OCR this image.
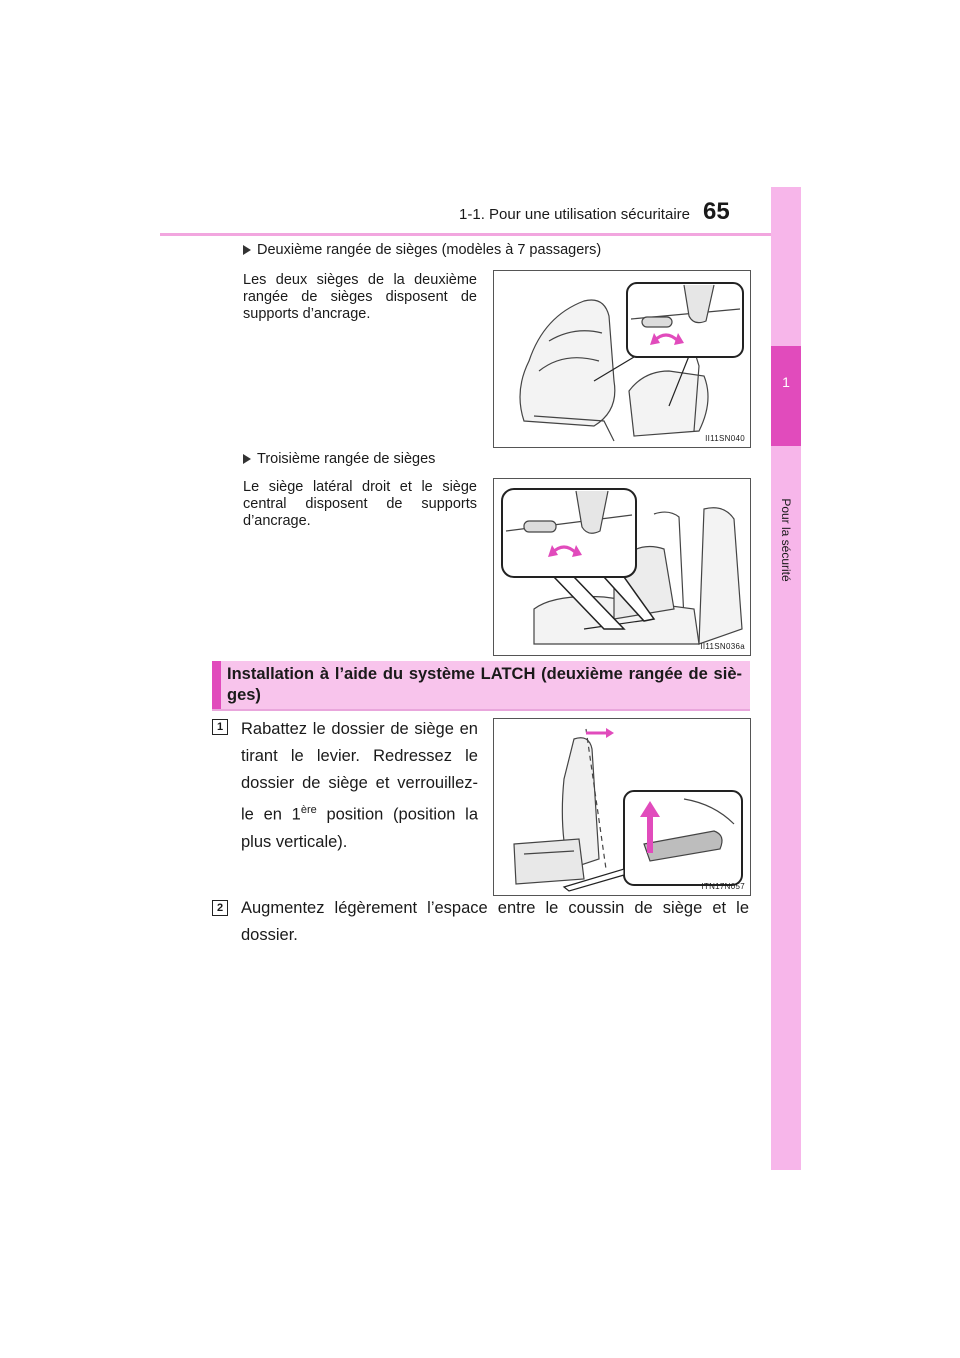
1-1. Pour une utilisation sécuritaire 65
1
Pour la sécurité
Deuxième rangée de sièges (modèles à 7 passagers)
Les deux sièges de la deuxième rangée de sièges disposent de supports d’ancrage.
II11SN040
Troisième rangée de sièges
Le siège latéral droit et le siège central disposent de supports d’ancrage.
II11SN036a
Installation à l’aide du système LATCH (deuxième rangée de siè- ges)
1 Rabattez le dossier de siège en tirant le levier. Redressez le dossier de siège et verrouillez- le en 1ère position (position la plus verticale).
ITN17N057
2 Augmentez légèrement l’espace entre le coussin de siège et le dossier.
